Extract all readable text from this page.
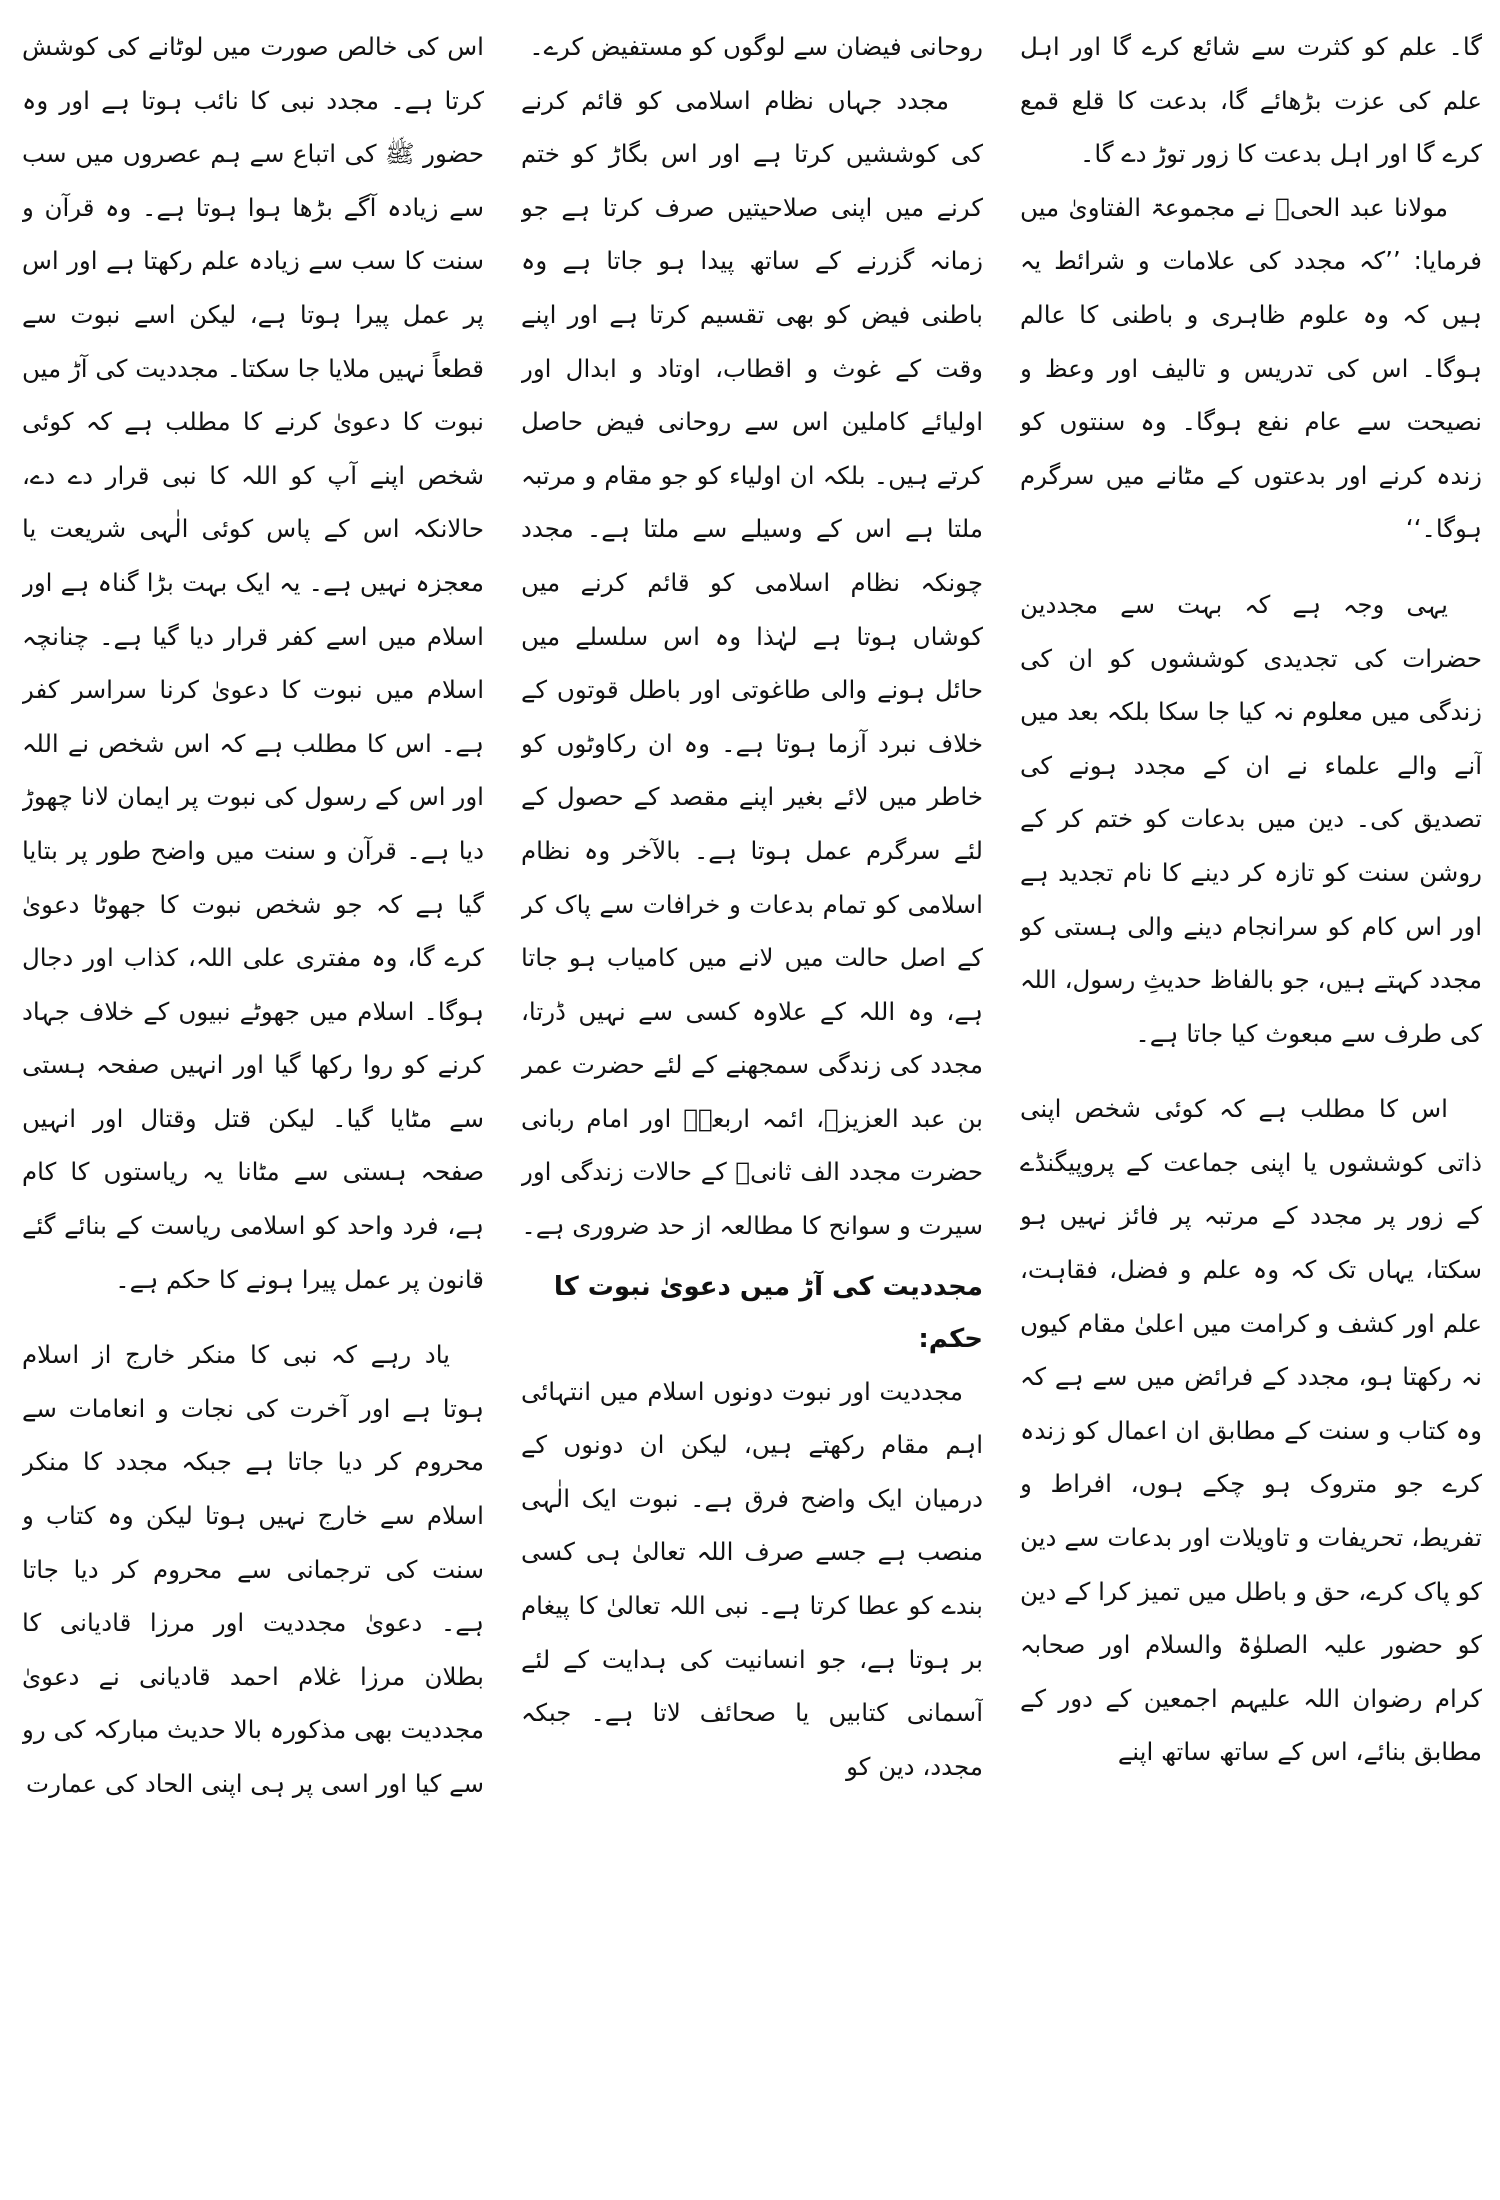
گا۔ علم کو کثرت سے شائع کرے گا اور اہل علم کی عزت بڑھائے گا، بدعت کا قلع قمع کرے گا اور اہل بدعت کا زور توڑ دے گا۔

مولانا عبد الحیؒ نے مجموعۃ الفتاویٰ میں فرمایا: ’’کہ مجدد کی علامات و شرائط یہ ہیں کہ وہ علوم ظاہری و باطنی کا عالم ہوگا۔ اس کی تدریس و تالیف اور وعظ و نصیحت سے عام نفع ہوگا۔ وہ سنتوں کو زندہ کرنے اور بدعتوں کے مٹانے میں سرگرم ہوگا۔‘‘

یہی وجہ ہے کہ بہت سے مجددین حضرات کی تجدیدی کوششوں کو ان کی زندگی میں معلوم نہ کیا جا سکا بلکہ بعد میں آنے والے علماء نے ان کے مجدد ہونے کی تصدیق کی۔ دین میں بدعات کو ختم کر کے روشن سنت کو تازہ کر دینے کا نام تجدید ہے اور اس کام کو سرانجام دینے والی ہستی کو مجدد کہتے ہیں، جو بالفاظ حدیثِ رسول، اللہ کی طرف سے مبعوث کیا جاتا ہے۔

اس کا مطلب ہے کہ کوئی شخص اپنی ذاتی کوششوں یا اپنی جماعت کے پروپیگنڈے کے زور پر مجدد کے مرتبہ پر فائز نہیں ہو سکتا، یہاں تک کہ وہ علم و فضل، فقاہت، علم اور کشف و کرامت میں اعلیٰ مقام کیوں نہ رکھتا ہو، مجدد کے فرائض میں سے ہے کہ وہ کتاب و سنت کے مطابق ان اعمال کو زندہ کرے جو متروک ہو چکے ہوں، افراط و تفریط، تحریفات و تاویلات اور بدعات سے دین کو پاک کرے، حق و باطل میں تمیز کرا کے دین کو حضور علیہ الصلوٰۃ والسلام اور صحابہ کرام رضوان اللہ علیہم اجمعین کے دور کے مطابق بنائے، اس کے ساتھ ساتھ اپنے

روحانی فیضان سے لوگوں کو مستفیض کرے۔

مجدد جہاں نظام اسلامی کو قائم کرنے کی کوششیں کرتا ہے اور اس بگاڑ کو ختم کرنے میں اپنی صلاحیتیں صرف کرتا ہے جو زمانہ گزرنے کے ساتھ پیدا ہو جاتا ہے وہ باطنی فیض کو بھی تقسیم کرتا ہے اور اپنے وقت کے غوث و اقطاب، اوتاد و ابدال اور اولیائے کاملین اس سے روحانی فیض حاصل کرتے ہیں۔ بلکہ ان اولیاء کو جو مقام و مرتبہ ملتا ہے اس کے وسیلے سے ملتا ہے۔ مجدد چونکہ نظام اسلامی کو قائم کرنے میں کوشاں ہوتا ہے لہٰذا وہ اس سلسلے میں حائل ہونے والی طاغوتی اور باطل قوتوں کے خلاف نبرد آزما ہوتا ہے۔ وہ ان رکاوٹوں کو خاطر میں لائے بغیر اپنے مقصد کے حصول کے لئے سرگرم عمل ہوتا ہے۔ بالآخر وہ نظام اسلامی کو تمام بدعات و خرافات سے پاک کر کے اصل حالت میں لانے میں کامیاب ہو جاتا ہے، وہ اللہ کے علاوہ کسی سے نہیں ڈرتا، مجدد کی زندگی سمجھنے کے لئے حضرت عمر بن عبد العزیزؒ، ائمہ اربعہؒ اور امام ربانی حضرت مجدد الف ثانیؒ کے حالات زندگی اور سیرت و سوانح کا مطالعہ از حد ضروری ہے۔

مجددیت کی آڑ میں دعویٰ نبوت کا حکم:

مجددیت اور نبوت دونوں اسلام میں انتہائی اہم مقام رکھتے ہیں، لیکن ان دونوں کے درمیان ایک واضح فرق ہے۔ نبوت ایک الٰہی منصب ہے جسے صرف اللہ تعالیٰ ہی کسی بندے کو عطا کرتا ہے۔ نبی اللہ تعالیٰ کا پیغام بر ہوتا ہے، جو انسانیت کی ہدایت کے لئے آسمانی کتابیں یا صحائف لاتا ہے۔ جبکہ مجدد، دین کو

اس کی خالص صورت میں لوٹانے کی کوشش کرتا ہے۔ مجدد نبی کا نائب ہوتا ہے اور وہ حضور ﷺ کی اتباع سے ہم عصروں میں سب سے زیادہ آگے بڑھا ہوا ہوتا ہے۔ وہ قرآن و سنت کا سب سے زیادہ علم رکھتا ہے اور اس پر عمل پیرا ہوتا ہے، لیکن اسے نبوت سے قطعاً نہیں ملایا جا سکتا۔ مجددیت کی آڑ میں نبوت کا دعویٰ کرنے کا مطلب ہے کہ کوئی شخص اپنے آپ کو اللہ کا نبی قرار دے دے، حالانکہ اس کے پاس کوئی الٰہی شریعت یا معجزہ نہیں ہے۔ یہ ایک بہت بڑا گناہ ہے اور اسلام میں اسے کفر قرار دیا گیا ہے۔ چنانچہ اسلام میں نبوت کا دعویٰ کرنا سراسر کفر ہے۔ اس کا مطلب ہے کہ اس شخص نے اللہ اور اس کے رسول کی نبوت پر ایمان لانا چھوڑ دیا ہے۔ قرآن و سنت میں واضح طور پر بتایا گیا ہے کہ جو شخص نبوت کا جھوٹا دعویٰ کرے گا، وہ مفتری علی اللہ، کذاب اور دجال ہوگا۔ اسلام میں جھوٹے نبیوں کے خلاف جہاد کرنے کو روا رکھا گیا اور انہیں صفحہ ہستی سے مٹایا گیا۔ لیکن قتل وقتال اور انہیں صفحہ ہستی سے مٹانا یہ ریاستوں کا کام ہے، فرد واحد کو اسلامی ریاست کے بنائے گئے قانون پر عمل پیرا ہونے کا حکم ہے۔

یاد رہے کہ نبی کا منکر خارج از اسلام ہوتا ہے اور آخرت کی نجات و انعامات سے محروم کر دیا جاتا ہے جبکہ مجدد کا منکر اسلام سے خارج نہیں ہوتا لیکن وہ کتاب و سنت کی ترجمانی سے محروم کر دیا جاتا ہے۔ دعویٰ مجددیت اور مرزا قادیانی کا بطلان مرزا غلام احمد قادیانی نے دعویٰ مجددیت بھی مذکورہ بالا حدیث مبارکہ کی رو سے کیا اور اسی پر ہی اپنی الحاد کی عمارت
